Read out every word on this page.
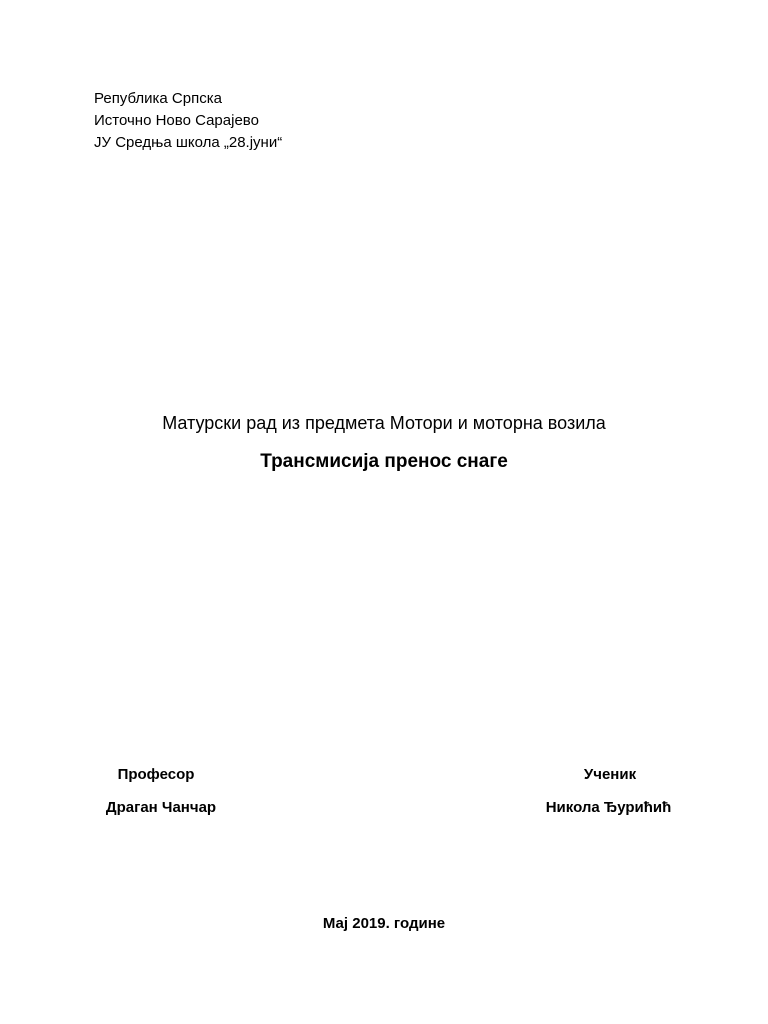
Република Српска
Источно Ново Сарајево
ЈУ Средња школа „28.јуни“
Матурски рад из предмета Мотори и моторна возила
Трансмисија пренос снаге
Професор
Драган Чанчар
Ученик
Никола Ђурићић
Мај 2019. године
